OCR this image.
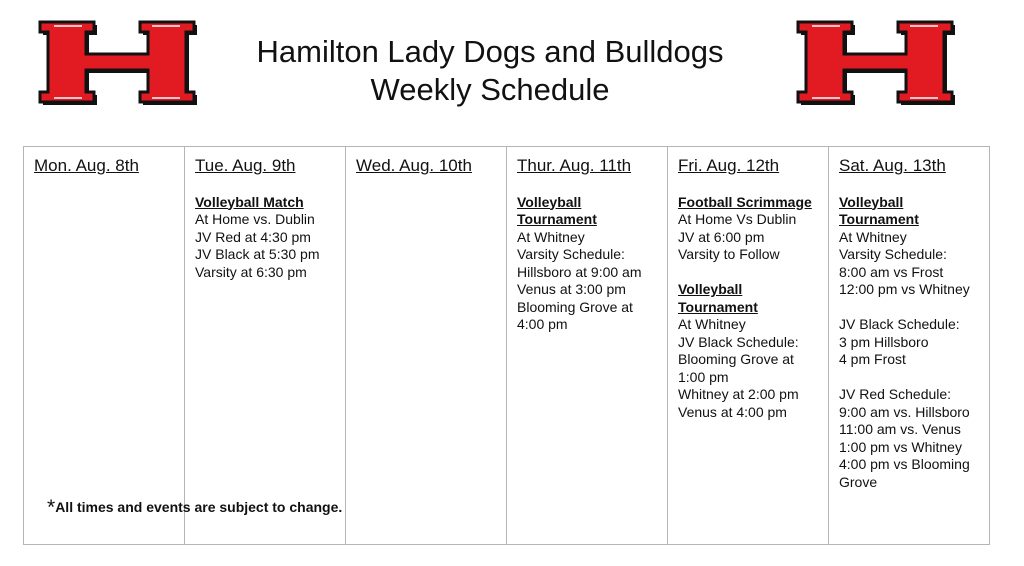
Hamilton Lady Dogs and Bulldogs
Weekly Schedule
Mon. Aug. 8th	Tue. Aug. 9th
Volleyball Match
At Home vs. Dublin
JV Red at 4:30 pm
JV Black at 5:30 pm
Varsity at 6:30 pm
Wed. Aug. 10th	Thur. Aug. 11th
Volleyball Tournament
At Whitney
Varsity Schedule:
Hillsboro at 9:00 am
Venus at 3:00 pm
Blooming Grove at 4:00 pm
Fri. Aug. 12th
Football Scrimmage
At Home Vs Dublin
JV at 6:00 pm
Varsity to Follow
Volleyball Tournament
At Whitney
JV Black Schedule:
Blooming Grove at 1:00 pm
Whitney at 2:00 pm
Venus at 4:00 pm
Sat. Aug. 13th
Volleyball Tournament
At Whitney
Varsity Schedule:
8:00 am vs Frost
12:00 pm vs Whitney
JV Black Schedule:
3 pm Hillsboro
4 pm Frost
JV Red Schedule:
9:00 am vs. Hillsboro
11:00 am vs. Venus
1:00 pm vs Whitney
4:00 pm vs Blooming Grove
*All times and events are subject to change.
